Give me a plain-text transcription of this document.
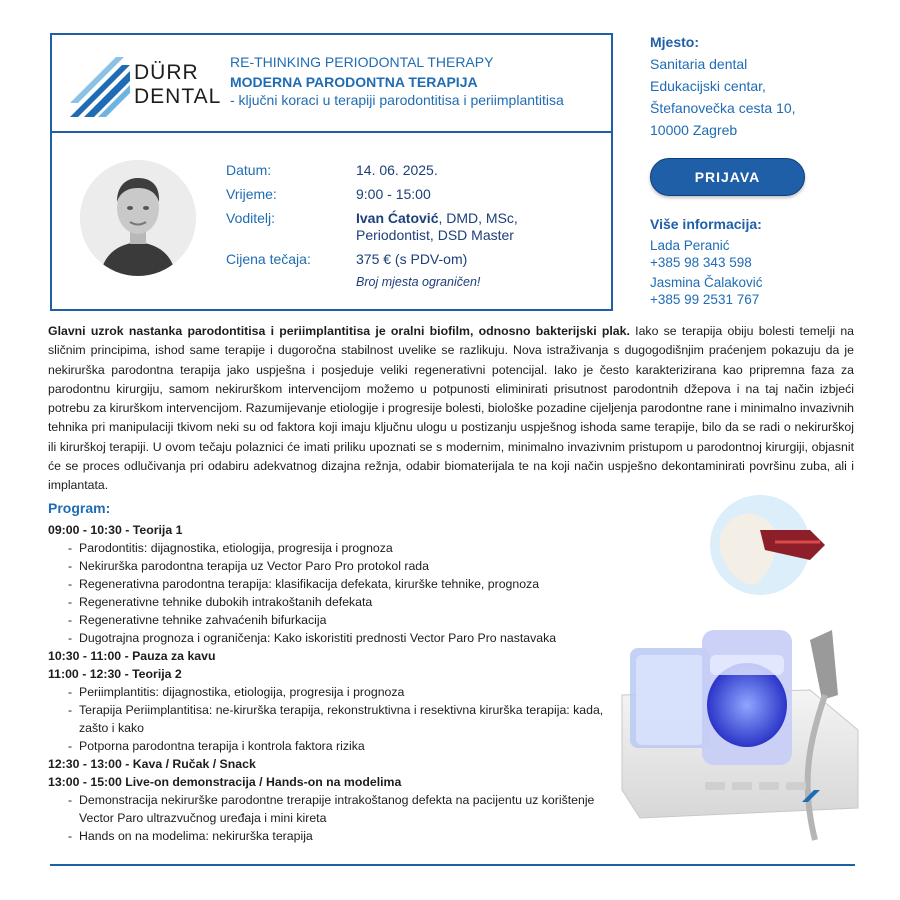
DÜRR
DENTAL
RE-THINKING PERIODONTAL THERAPY
MODERNA PARODONTNA TERAPIJA
- ključni koraci u terapiji parodontitisa i periimplantitisa
Datum:	14. 06. 2025.
Vrijeme:	9:00 - 15:00
Voditelj:	Ivan Ćatović, DMD, MSc,
Periodontist, DSD Master
Cijena tečaja:	375 € (s PDV-om)
Broj mjesta ograničen!
Mjesto:
Sanitaria dental
Edukacijski centar,
Štefanovečka cesta 10,
10000 Zagreb
PRIJAVA
Više informacija:
Lada Peranić
+385 98 343 598
Jasmina Čalaković
+385 99 2531 767

Glavni uzrok nastanka parodontitisa i periimplantitisa je oralni biofilm, odnosno bakterijski plak. Iako se terapija obiju bolesti temelji na sličnim principima, ishod same terapije i dugoročna stabilnost uvelike se razlikuju. Nova istraživanja s dugogodišnjim praćenjem pokazuju da je nekirurška parodontna terapija jako uspješna i posjeduje veliki regenerativni potencijal. Iako je često karakterizirana kao pripremna faza za parodontnu kirurgiju, samom nekirurškom intervencijom možemo u potpunosti eliminirati prisutnost parodontnih džepova i na taj način izbjeći potrebu za kirurškom intervencijom. Razumijevanje etiologije i progresije bolesti, biološke pozadine cijeljenja parodontne rane i minimalno invazivnih tehnika pri manipulaciji tkivom neki su od faktora koji imaju ključnu ulogu u postizanju uspješnog ishoda same terapije, bilo da se radi o nekirurškoj ili kirurškoj terapiji. U ovom tečaju polaznici će imati priliku upoznati se s modernim, minimalno invazivnim pristupom u parodontnoj kirurgiji, objasnit će se proces odlučivanja pri odabiru adekvatnog dizajna režnja, odabir biomaterijala te na koji način uspješno dekontaminirati površinu zuba, ali i implantata.

Program:
09:00 - 10:30 - Teorija 1
- Parodontitis: dijagnostika, etiologija, progresija i prognoza
- Nekirurška parodontna terapija uz Vector Paro Pro protokol rada
- Regenerativna parodontna terapija: klasifikacija defekata, kirurške tehnike, prognoza
- Regenerativne tehnike dubokih intrakoštanih defekata
- Regenerativne tehnike zahvaćenih bifurkacija
- Dugotrajna prognoza i ograničenja: Kako iskoristiti prednosti Vector Paro Pro nastavaka
10:30 - 11:00 - Pauza za kavu
11:00 - 12:30 - Teorija 2
- Periimplantitis: dijagnostika, etiologija, progresija i prognoza
- Terapija Periimplantitisa: ne-kirurška terapija, rekonstruktivna i resektivna kirurška terapija: kada, zašto i kako
- Potporna parodontna terapija i kontrola faktora rizika
12:30 - 13:00 - Kava / Ručak / Snack
13:00 - 15:00 Live-on demonstracija / Hands-on na modelima
- Demonstracija nekirurške parodontne trerapije intrakoštanog defekta na pacijentu uz korištenje Vector Paro ultrazvučnog uređaja i mini kireta
- Hands on na modelima: nekirurška terapija
